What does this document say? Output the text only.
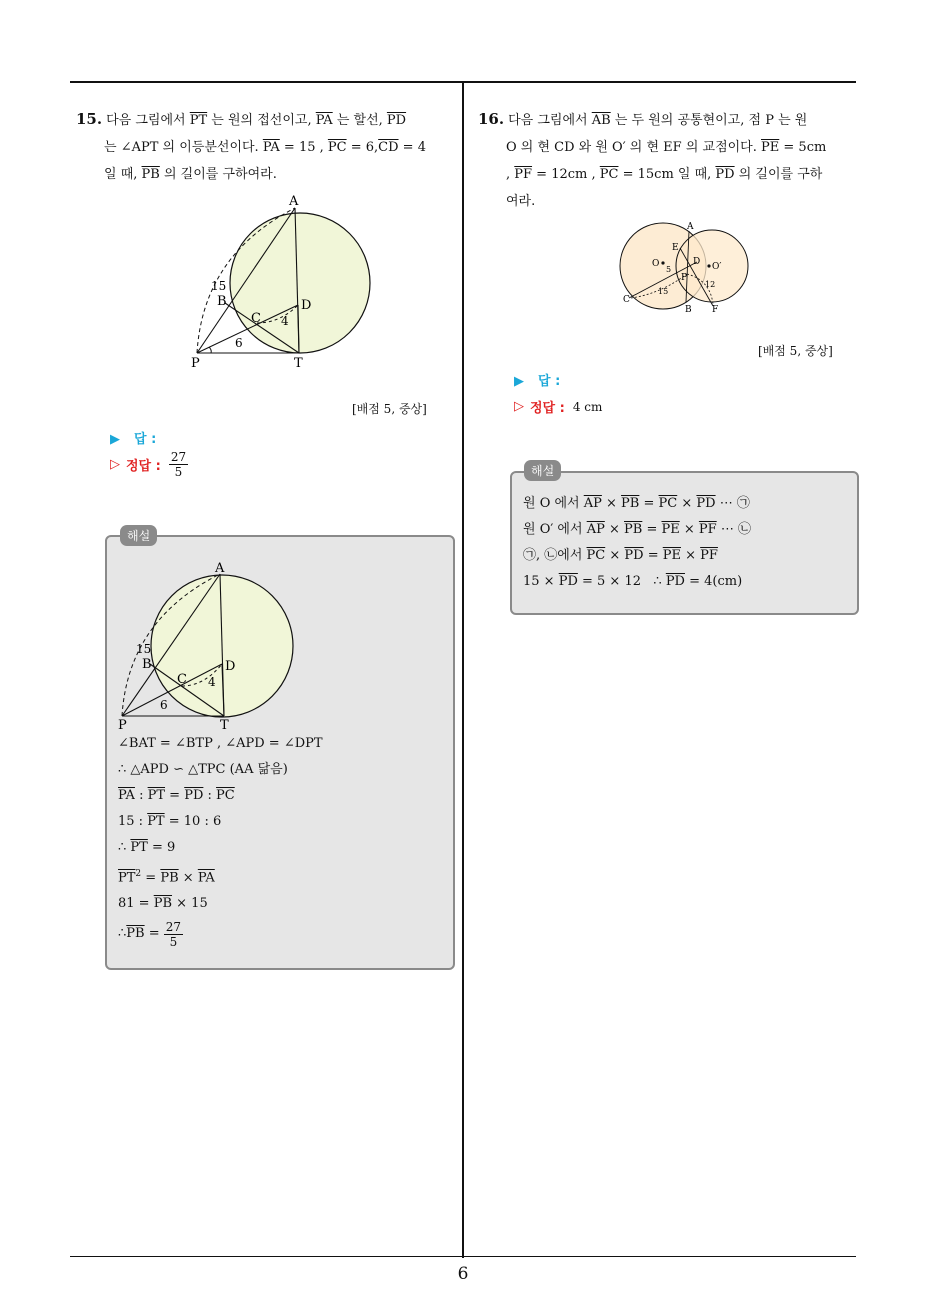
15. 다음 그림에서 $\overline{PT}$ 는 원의 접선이고, $\overline{PA}$ 는 할선, $\overline{PD}$
는 ∠APT 의 이등분선이다. $\overline{PA} = 15$ , $\overline{PC} = 6,\overline{CD} = 4$
일 때, $\overline{PB}$ 의 길이를 구하여라.
A
B
C
D
P	T
15
6
4
[배점 5, 중상]
▶ 답 :
▷ 정답 : $\frac{27}{5}$
해설
A
B
C
D
P	T
15
6
4
∠BAT = ∠BTP , ∠APD = ∠DPT
∴ △APD ∽ △TPC (AA 닮음)
$\overline{PA}$ : $\overline{PT} = \overline{PD}$ : $\overline{PC}$
15 : $\overline{PT} = 10$ : 6
∴ $\overline{PT} = 9$
$\overline{PT}^2 = \overline{PB} \times \overline{PA}$
$81 = \overline{PB} \times 15$
∴ $\overline{PB} = \frac{27}{5}$
16. 다음 그림에서 $\overline{AB}$ 는 두 원의 공통현이고, 점 P 는 원
O 의 현 CD 와 원 O′ 의 현 EF 의 교점이다. $\overline{PE} = 5cm$
, $\overline{PF} = 12cm$ , $\overline{PC} = 15cm$ 일 때, $\overline{PD}$ 의 길이를 구하
여라.
A
B
C
D
E
F
O	O′
P
5
15
12
[배점 5, 중상]
▶ 답 :
▷ 정답 : 4 cm
해설
원 O 에서 $\overline{AP} \times \overline{PB} = \overline{PC} \times \overline{PD}$ ⋯ ㉠
원 O′ 에서 $\overline{AP} \times \overline{PB} = \overline{PE} \times \overline{PF}$ ⋯ ㉡
㉠, ㉡에서 $\overline{PC} \times \overline{PD} = \overline{PE} \times \overline{PF}$
$15 \times \overline{PD} = 5 \times 12$   ∴ $\overline{PD} = 4(cm)$
6
